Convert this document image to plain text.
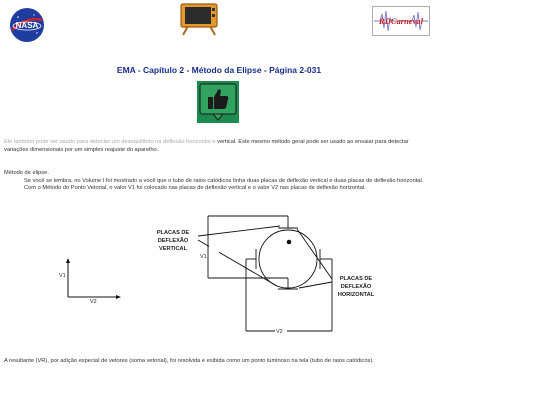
NASA	RDCarneval
EMA - Capítulo 2 - Método da Elipse - Página 2-031
Ele também pode ser usado para detectar um desequilíbrio na deflexão horizontal e vertical. Este mesmo método geral pode ser usado ao ensaiar para detectar variações dimensionais por um simples reajuste do aparelho.
Método de elipse.
Se você se lembra, no Volume I foi mostrado a você que o tubo de raios catódicos tinha duas placas de deflexão vertical e duas placas de deflexão horizontal. Com o Método do Ponto Vetorial, o valor V1 foi colocado nas placas de deflexão vertical e o valor V2 nas placas de deflexão horizontal.
V1
V2
V1
V2
PLACAS DE
DEFLEXÃO
VERTICAL
PLACAS DE
DEFLEXÃO
HORIZONTAL
A resultante (VR), por adição especial de vetores (soma vetorial), foi resolvida e exibida como um ponto luminoso na tela (tubo de raios catódicos).
